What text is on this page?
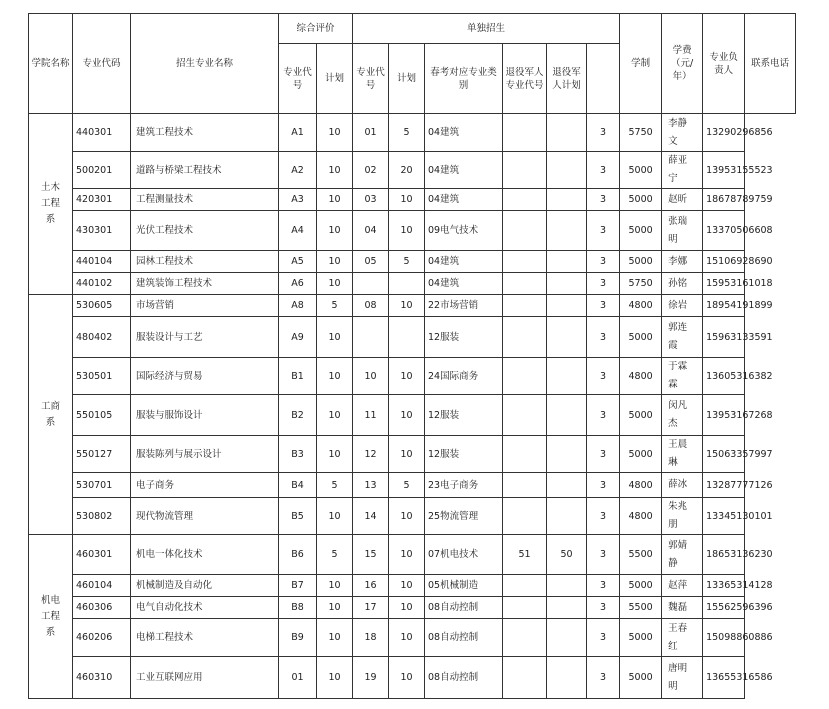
学院名称	专业代码	招生专业名称	综合评价		单独招生						学制	学费（元/年）	专业负责人	联系电话
			专业代号	计划	专业代号	计划	春考对应专业类别	退役军人专业代号	退役军人计划					
土木工程系	440301	建筑工程技术	A1	10	01	5	04建筑			3	5750	李静文	13290296856	
	500201	道路与桥梁工程技术	A2	10	02	20	04建筑			3	5000	薛亚宁	13953155523	
	420301	工程测量技术	A3	10	03	10	04建筑			3	5000	赵昕	18678789759	
	430301	光伏工程技术	A4	10	04	10	09电气技术			3	5000	张瑞明	13370506608	
	440104	园林工程技术	A5	10	05	5	04建筑			3	5000	李娜	15106928690	
	440102	建筑装饰工程技术	A6	10			04建筑			3	5750	孙铭	15953161018	
工商系	530605	市场营销	A8	5	08	10	22市场营销			3	4800	徐岩	18954191899	
	480402	服装设计与工艺	A9	10			12服装			3	5000	郭连霞	15963133591	
	530501	国际经济与贸易	B1	10	10	10	24国际商务			3	4800	于霖霖	13605316382	
	550105	服装与服饰设计	B2	10	11	10	12服装			3	5000	闵凡杰	13953167268	
	550127	服装陈列与展示设计	B3	10	12	10	12服装			3	5000	王晨琳	15063357997	
	530701	电子商务	B4	5	13	5	23电子商务			3	4800	薛冰	13287777126	
	530802	现代物流管理	B5	10	14	10	25物流管理			3	4800	朱兆朋	13345130101	
机电工程系	460301	机电一体化技术	B6	5	15	10	07机电技术	51	50	3	5500	郭婧静	18653136230	
	460104	机械制造及自动化	B7	10	16	10	05机械制造			3	5000	赵萍	13365314128	
	460306	电气自动化技术	B8	10	17	10	08自动控制			3	5500	魏磊	15562596396	
	460206	电梯工程技术	B9	10	18	10	08自动控制			3	5000	王春红	15098860886	
	460310	工业互联网应用	01	10	19	10	08自动控制			3	5000	唐明明	13655316586	
